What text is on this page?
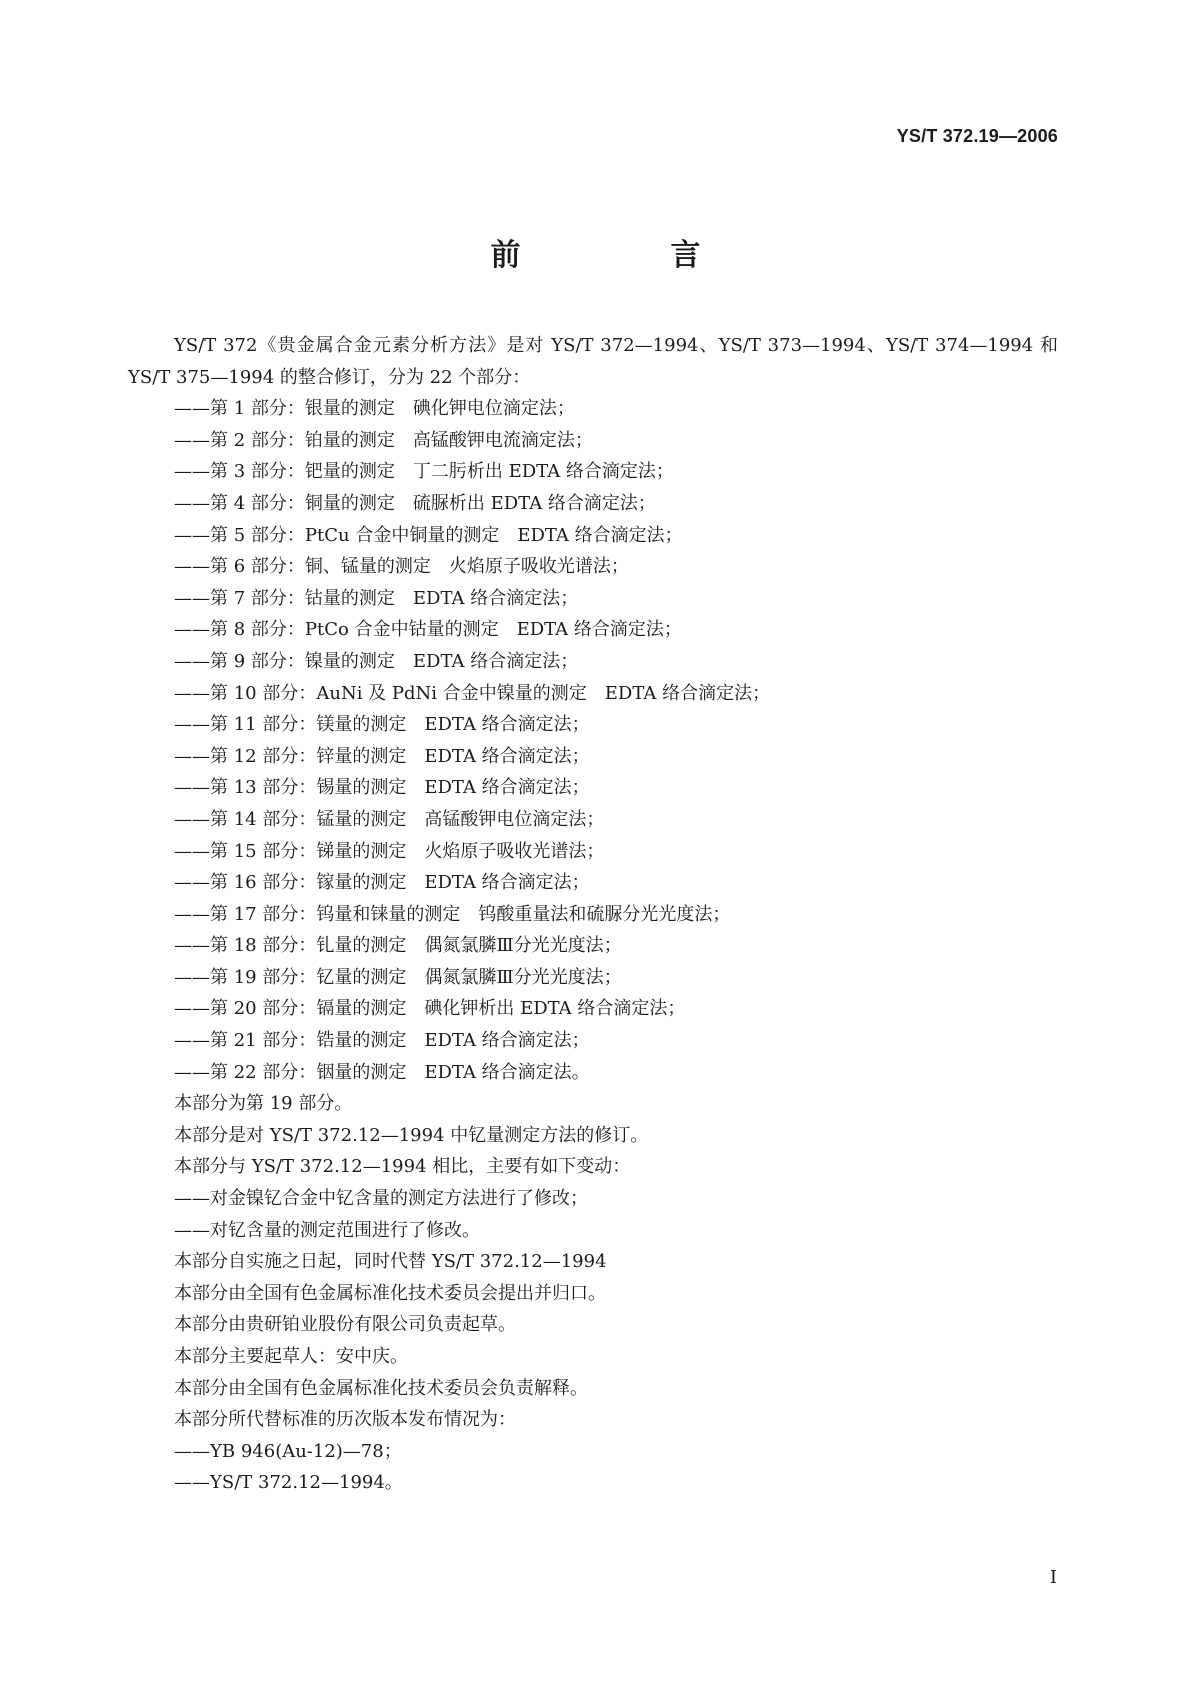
YS/T 372.19—2006
前　言
YS/T 372《贵金属合金元素分析方法》是对 YS/T 372—1994、YS/T 373—1994、YS/T 374—1994 和 YS/T 375—1994 的整合修订，分为 22 个部分：
——第 1 部分：银量的测定　碘化钾电位滴定法；
——第 2 部分：铂量的测定　高锰酸钾电流滴定法；
——第 3 部分：钯量的测定　丁二肟析出 EDTA 络合滴定法；
——第 4 部分：铜量的测定　硫脲析出 EDTA 络合滴定法；
——第 5 部分：PtCu 合金中铜量的测定　EDTA 络合滴定法；
——第 6 部分：铜、锰量的测定　火焰原子吸收光谱法；
——第 7 部分：钴量的测定　EDTA 络合滴定法；
——第 8 部分：PtCo 合金中钴量的测定　EDTA 络合滴定法；
——第 9 部分：镍量的测定　EDTA 络合滴定法；
——第 10 部分：AuNi 及 PdNi 合金中镍量的测定　EDTA 络合滴定法；
——第 11 部分：镁量的测定　EDTA 络合滴定法；
——第 12 部分：锌量的测定　EDTA 络合滴定法；
——第 13 部分：锡量的测定　EDTA 络合滴定法；
——第 14 部分：锰量的测定　高锰酸钾电位滴定法；
——第 15 部分：锑量的测定　火焰原子吸收光谱法；
——第 16 部分：镓量的测定　EDTA 络合滴定法；
——第 17 部分：钨量和铼量的测定　钨酸重量法和硫脲分光光度法；
——第 18 部分：钆量的测定　偶氮氯膦Ⅲ分光光度法；
——第 19 部分：钇量的测定　偶氮氯膦Ⅲ分光光度法；
——第 20 部分：镉量的测定　碘化钾析出 EDTA 络合滴定法；
——第 21 部分：锆量的测定　EDTA 络合滴定法；
——第 22 部分：铟量的测定　EDTA 络合滴定法。
本部分为第 19 部分。
本部分是对 YS/T 372.12—1994 中钇量测定方法的修订。
本部分与 YS/T 372.12—1994 相比，主要有如下变动：
——对金镍钇合金中钇含量的测定方法进行了修改；
——对钇含量的测定范围进行了修改。
本部分自实施之日起，同时代替 YS/T 372.12—1994
本部分由全国有色金属标准化技术委员会提出并归口。
本部分由贵研铂业股份有限公司负责起草。
本部分主要起草人：安中庆。
本部分由全国有色金属标准化技术委员会负责解释。
本部分所代替标准的历次版本发布情况为：
——YB 946(Au-12)—78；
——YS/T 372.12—1994。
I
